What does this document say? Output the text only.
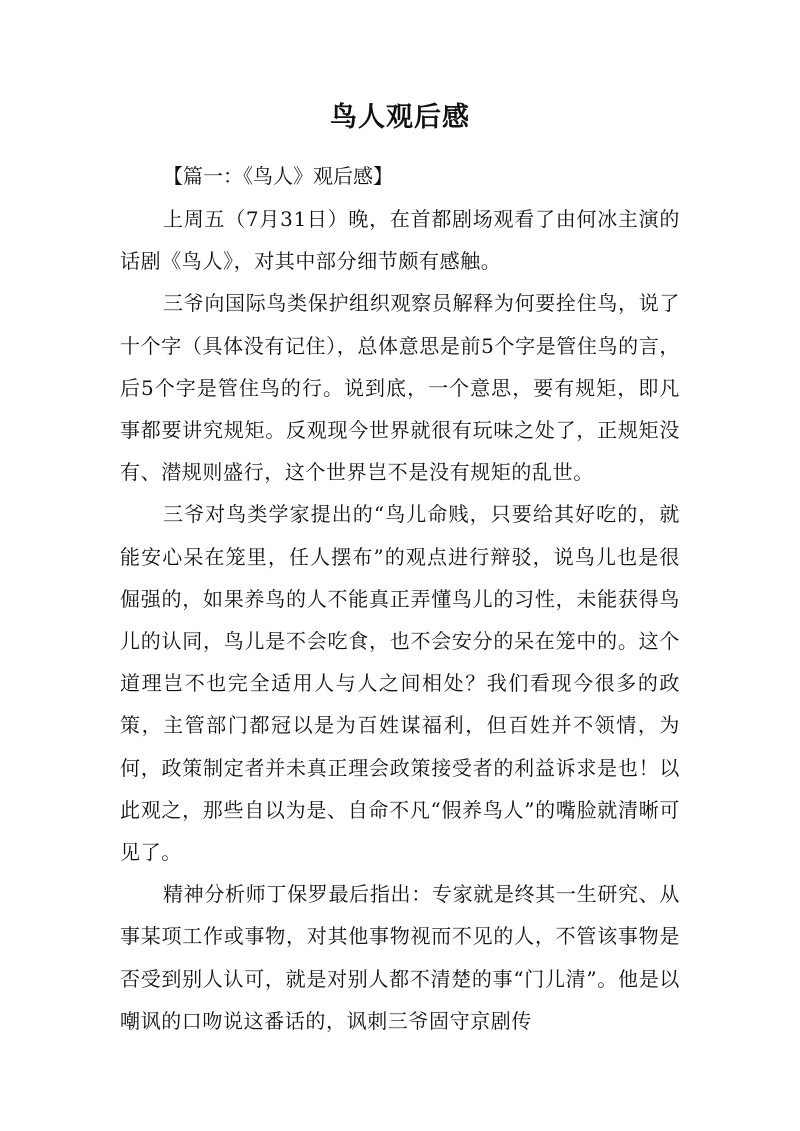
鸟人观后感

【篇一：《鸟人》观后感】

上周五（7月31日）晚，在首都剧场观看了由何冰主演的话剧《鸟人》，对其中部分细节颇有感触。

三爷向国际鸟类保护组织观察员解释为何要拴住鸟，说了十个字（具体没有记住），总体意思是前5个字是管住鸟的言，后5个字是管住鸟的行。说到底，一个意思，要有规矩，即凡事都要讲究规矩。反观现今世界就很有玩味之处了，正规矩没有、潜规则盛行，这个世界岂不是没有规矩的乱世。

三爷对鸟类学家提出的“鸟儿命贱，只要给其好吃的，就能安心呆在笼里，任人摆布”的观点进行辩驳，说鸟儿也是很倔强的，如果养鸟的人不能真正弄懂鸟儿的习性，未能获得鸟儿的认同，鸟儿是不会吃食，也不会安分的呆在笼中的。这个道理岂不也完全适用人与人之间相处？我们看现今很多的政策，主管部门都冠以是为百姓谋福利，但百姓并不领情，为何，政策制定者并未真正理会政策接受者的利益诉求是也！以此观之，那些自以为是、自命不凡“假养鸟人”的嘴脸就清晰可见了。

精神分析师丁保罗最后指出：专家就是终其一生研究、从事某项工作或事物，对其他事物视而不见的人，不管该事物是否受到别人认可，就是对别人都不清楚的事“门儿清”。他是以嘲讽的口吻说这番话的，讽刺三爷固守京剧传
